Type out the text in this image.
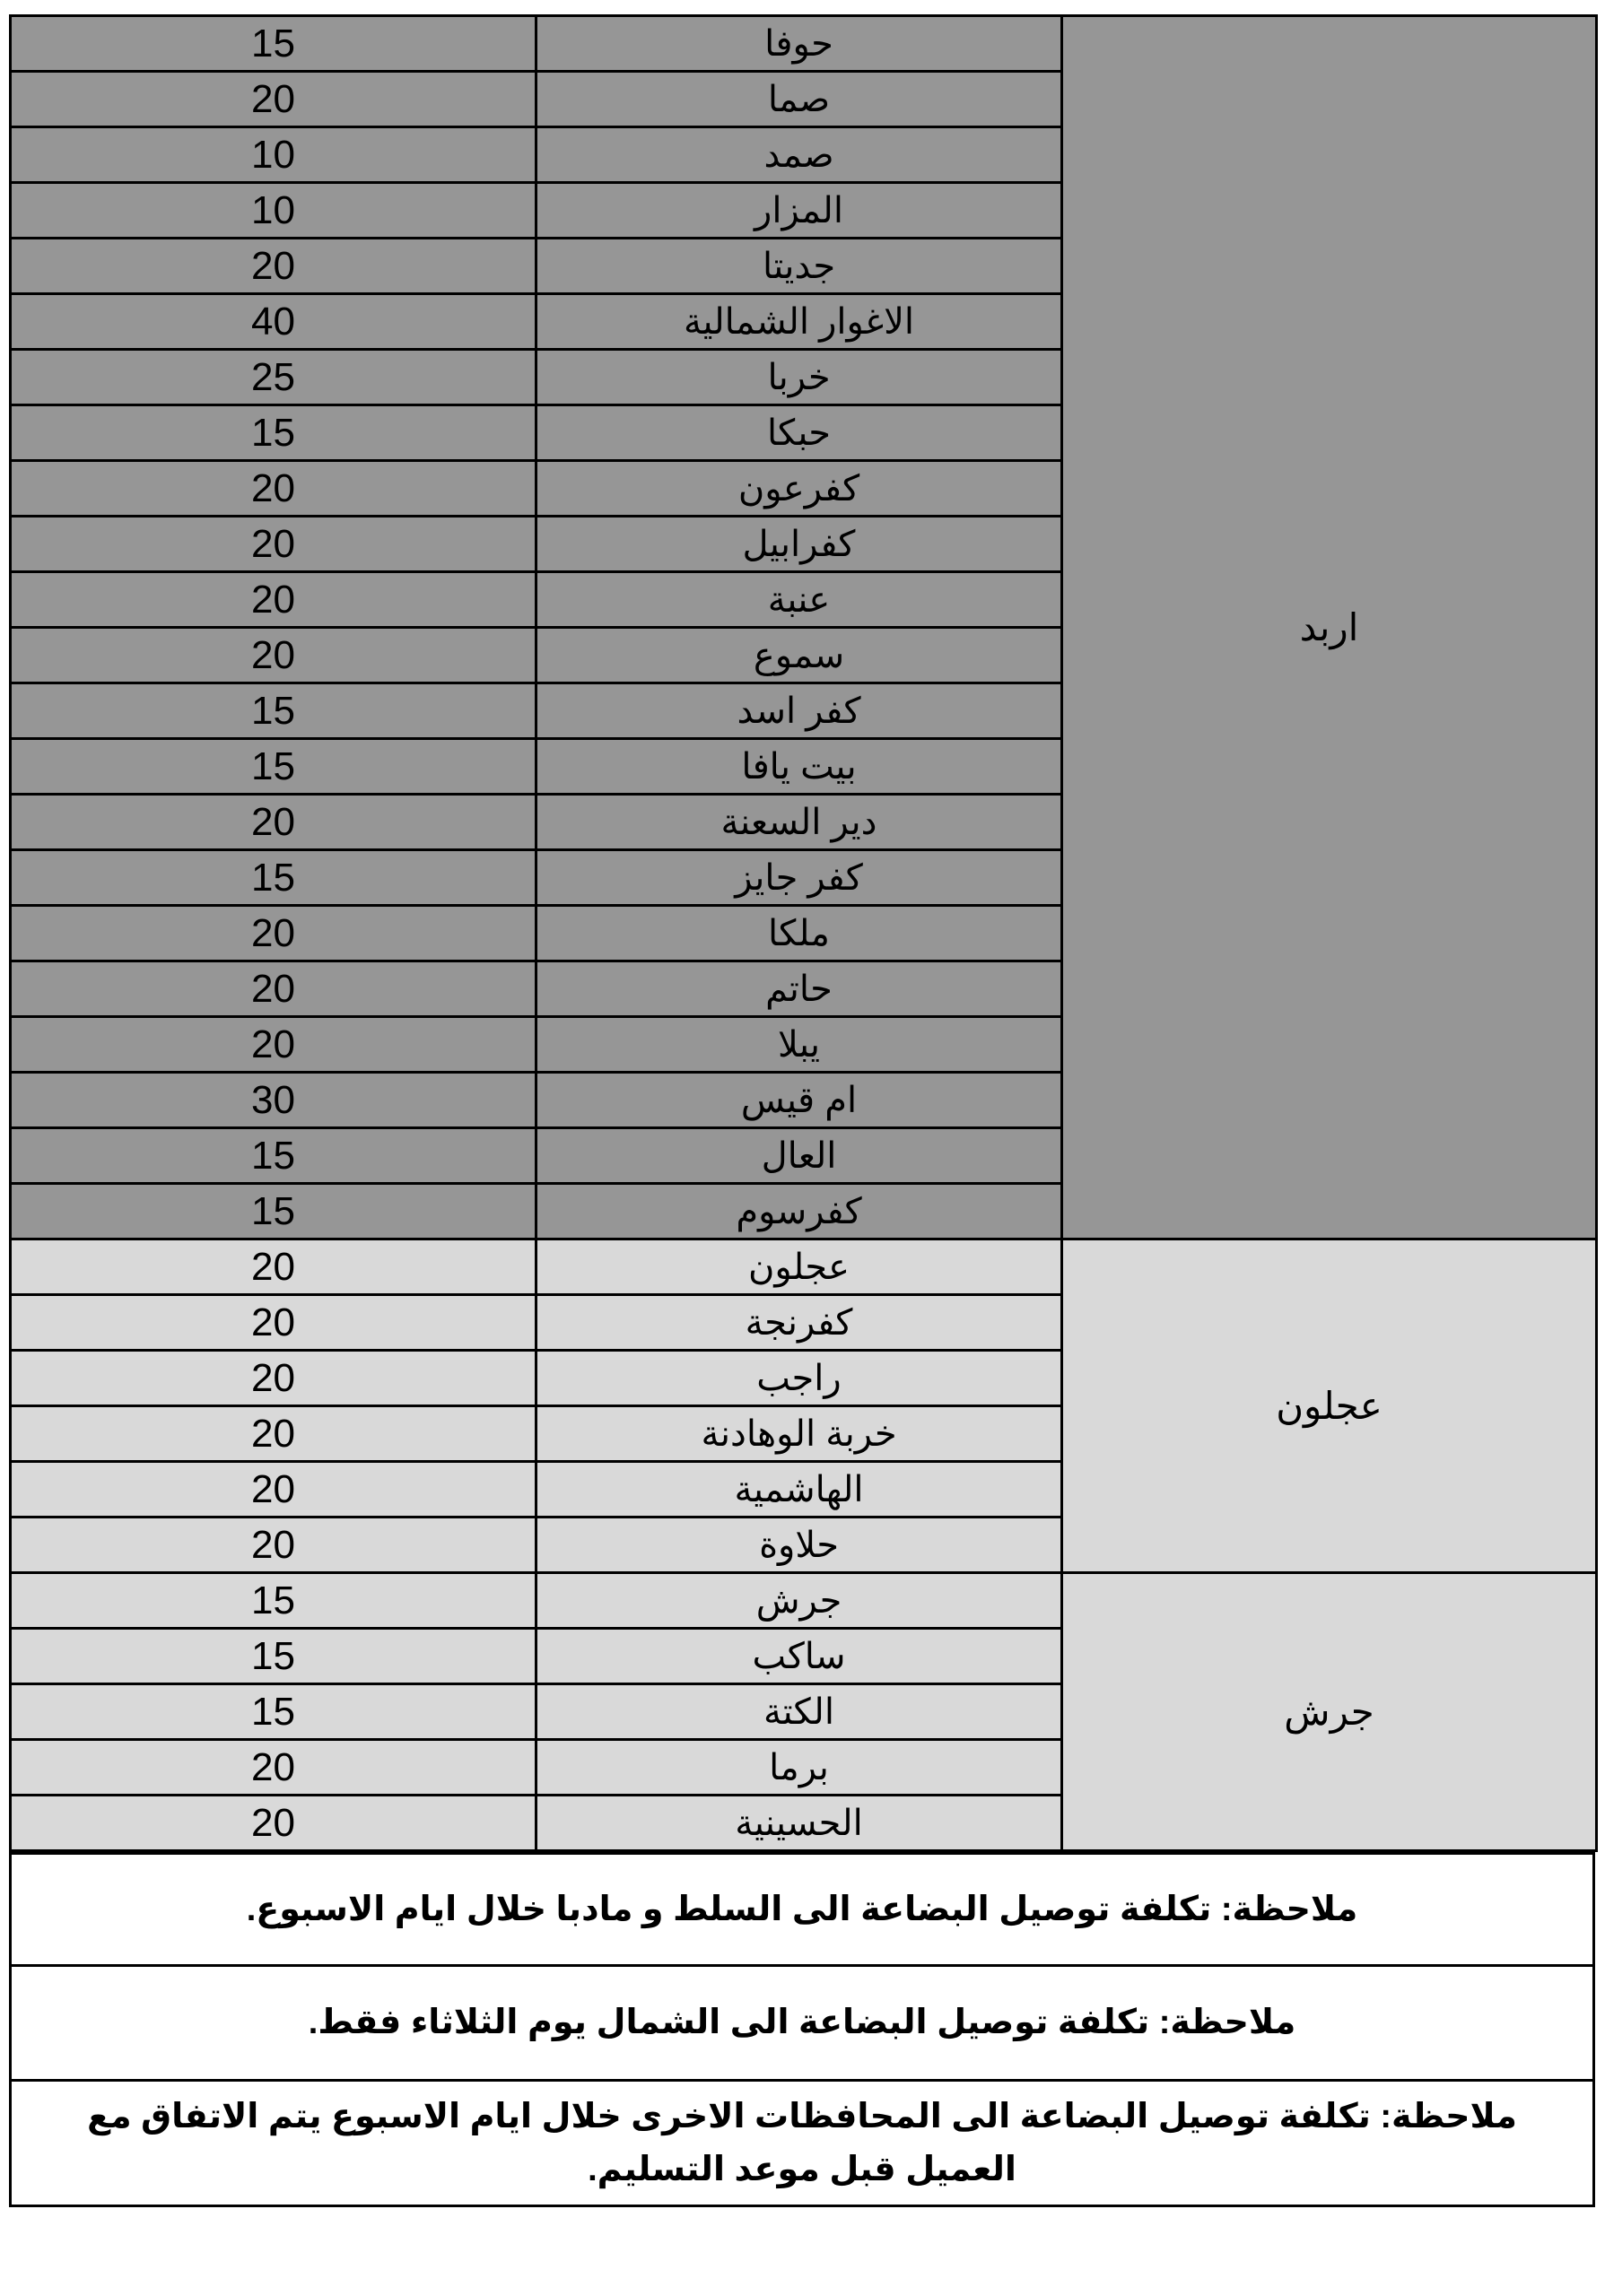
15	حوفا	اربد
20	صما	
10	صمد	
10	المزار	
20	جديتا	
40	الاغوار الشمالية	
25	خربا	
15	حبكا	
20	كفرعون	
20	كفرابيل	
20	عنبة	
20	سموع	
15	كفر اسد	
15	بيت يافا	
20	دير السعنة	
15	كفر جايز	
20	ملكا	
20	حاتم	
20	يبلا	
30	ام قيس	
15	العال	
15	كفرسوم	
20	عجلون	عجلون
20	كفرنجة	
20	راجب	
20	خربة الوهادنة	
20	الهاشمية	
20	حلاوة	
15	جرش	جرش
15	ساكب	
15	الكتة	
20	برما	
20	الحسينية	
ملاحظة: تكلفة توصيل البضاعة الى السلط و مادبا خلال ايام الاسبوع.
ملاحظة: تكلفة توصيل البضاعة الى الشمال يوم الثلاثاء فقط.
ملاحظة: تكلفة توصيل البضاعة الى المحافظات الاخرى خلال ايام الاسبوع يتم الاتفاق مع العميل قبل موعد التسليم.
